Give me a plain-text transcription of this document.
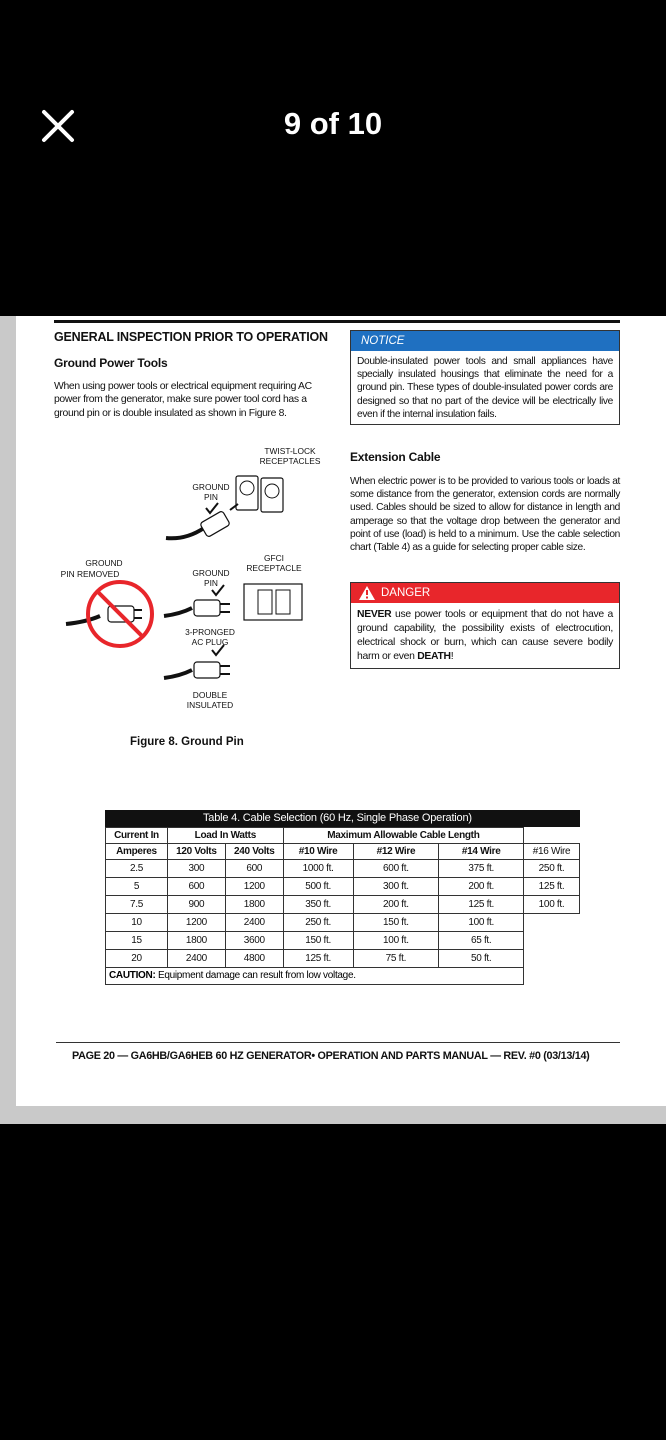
9 of 10
GENERAL INSPECTION PRIOR TO OPERATION
Ground Power Tools
When using power tools or electrical equipment requiring AC power from the generator, make sure power tool cord has a ground pin or is double insulated as shown in Figure 8.
NOTICE
Double-insulated power tools and small appliances have specially insulated housings that eliminate the need for a ground pin. These types of double-insulated power cords are designed so that no part of the device will be electrically live even if the internal insulation fails.
Extension Cable
When electric power is to be provided to various tools or loads at some distance from the generator, extension cords are normally used. Cables should be sized to allow for distance in length and amperage so that the voltage drop between the generator and point of use (load) is held to a minimum. Use the cable selection chart (Table 4) as a guide for selecting proper cable size.
DANGER
NEVER use power tools or equipment that do not have a ground capability, the possibility exists of electrocution, electrical shock or burn, which can cause severe bodily harm or even DEATH!
TWIST-LOCK
RECEPTACLES
GROUND
PIN
GFCI
RECEPTACLE
GROUND
PIN REMOVED	GROUND
PIN
3-PRONGED
AC PLUG
DOUBLE
INSULATED
Figure 8. Ground Pin
Table 4. Cable Selection (60 Hz, Single Phase Operation)
Current In	Load In Watts		Maximum Allowable Cable Length			
Amperes	120 Volts	240 Volts	#10 Wire	#12 Wire	#14 Wire	#16 Wire
2.5	300	600	1000 ft.	600 ft.	375 ft.	250 ft.
5	600	1200	500 ft.	300 ft.	200 ft.	125 ft.
7.5	900	1800	350 ft.	200 ft.	125 ft.	100 ft.
10	1200	2400	250 ft.	150 ft.	100 ft.	
15	1800	3600	150 ft.	100 ft.	65 ft.	
20	2400	4800	125 ft.	75 ft.	50 ft.	
CAUTION: Equipment damage can result from low voltage.
PAGE 20 — GA6HB/GA6HEB 60 HZ GENERATOR• OPERATION AND PARTS MANUAL — REV. #0 (03/13/14)
